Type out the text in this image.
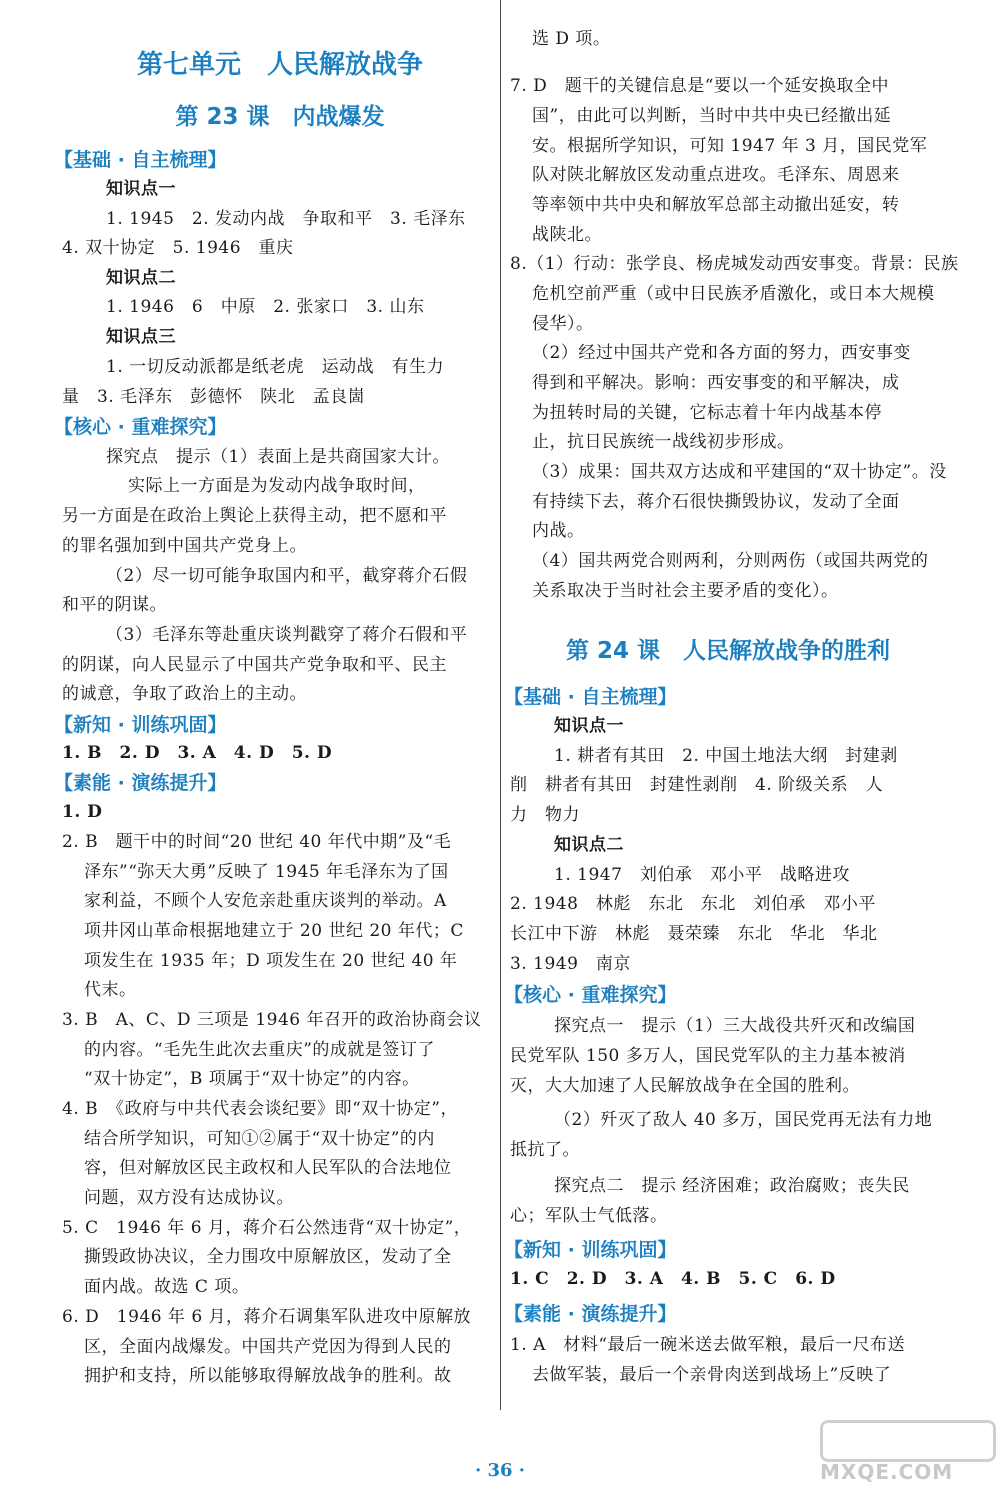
第七单元　人民解放战争
第 23 课　内战爆发
【基础 · 自主梳理】
知识点一
1. 1945　2. 发动内战　争取和平　3. 毛泽东
4. 双十协定　5. 1946　重庆
知识点二
1. 1946　6　中原　2. 张家口　3. 山东
知识点三
1. 一切反动派都是纸老虎　运动战　有生力
量　3. 毛泽东　彭德怀　陕北　孟良崮
【核心 · 重难探究】
探究点　提示（1）表面上是共商国家大计。
实际上一方面是为发动内战争取时间，
另一方面是在政治上舆论上获得主动，把不愿和平
的罪名强加到中国共产党身上。
（2）尽一切可能争取国内和平，截穿蒋介石假
和平的阴谋。
（3）毛泽东等赴重庆谈判戳穿了蒋介石假和平
的阴谋，向人民显示了中国共产党争取和平、民主
的诚意，争取了政治上的主动。
【新知 · 训练巩固】
1. B　2. D　3. A　4. D　5. D
【素能 · 演练提升】
1. D
2. B　题干中的时间“20 世纪 40 年代中期”及“毛
泽东”“弥天大勇”反映了 1945 年毛泽东为了国
家利益，不顾个人安危亲赴重庆谈判的举动。A
项井冈山革命根据地建立于 20 世纪 20 年代；C
项发生在 1935 年；D 项发生在 20 世纪 40 年
代末。
3. B　A、C、D 三项是 1946 年召开的政治协商会议
的内容。“毛先生此次去重庆”的成就是签订了
“双十协定”，B 项属于“双十协定”的内容。
4. B　《政府与中共代表会谈纪要》即“双十协定”，
结合所学知识，可知①②属于“双十协定”的内
容，但对解放区民主政权和人民军队的合法地位
问题，双方没有达成协议。
5. C　1946 年 6 月，蒋介石公然违背“双十协定”，
撕毁政协决议，全力围攻中原解放区，发动了全
面内战。故选 C 项。
6. D　1946 年 6 月，蒋介石调集军队进攻中原解放
区，全面内战爆发。中国共产党因为得到人民的
拥护和支持，所以能够取得解放战争的胜利。故
选 D 项。
7. D　题干的关键信息是“要以一个延安换取全中
国”，由此可以判断，当时中共中央已经撤出延
安。根据所学知识，可知 1947 年 3 月，国民党军
队对陕北解放区发动重点进攻。毛泽东、周恩来
等率领中共中央和解放军总部主动撤出延安，转
战陕北。
8.（1）行动：张学良、杨虎城发动西安事变。背景：民族
危机空前严重（或中日民族矛盾激化，或日本大规模
侵华）。
（2）经过中国共产党和各方面的努力，西安事变
得到和平解决。影响：西安事变的和平解决，成
为扭转时局的关键，它标志着十年内战基本停
止，抗日民族统一战线初步形成。
（3）成果：国共双方达成和平建国的“双十协定”。没
有持续下去，蒋介石很快撕毁协议，发动了全面
内战。
（4）国共两党合则两利，分则两伤（或国共两党的
关系取决于当时社会主要矛盾的变化）。
第 24 课　人民解放战争的胜利
【基础 · 自主梳理】
知识点一
1. 耕者有其田　2. 中国土地法大纲　封建剥
削　耕者有其田　封建性剥削　4. 阶级关系　人
力　物力
知识点二
1. 1947　刘伯承　邓小平　战略进攻
2. 1948　林彪　东北　东北　刘伯承　邓小平
长江中下游　林彪　聂荣臻　东北　华北　华北
3. 1949　南京
【核心 · 重难探究】
探究点一　提示（1）三大战役共歼灭和改编国
民党军队 150 多万人，国民党军队的主力基本被消
灭，大大加速了人民解放战争在全国的胜利。
（2）歼灭了敌人 40 多万，国民党再无法有力地
抵抗了。
探究点二　提示 经济困难；政治腐败；丧失民
心；军队士气低落。
【新知 · 训练巩固】
1. C　2. D　3. A　4. B　5. C　6. D
【素能 · 演练提升】
1. A　材料“最后一碗米送去做军粮，最后一尺布送
去做军装，最后一个亲骨肉送到战场上”反映了
· 36 ·	MXQE.COM
